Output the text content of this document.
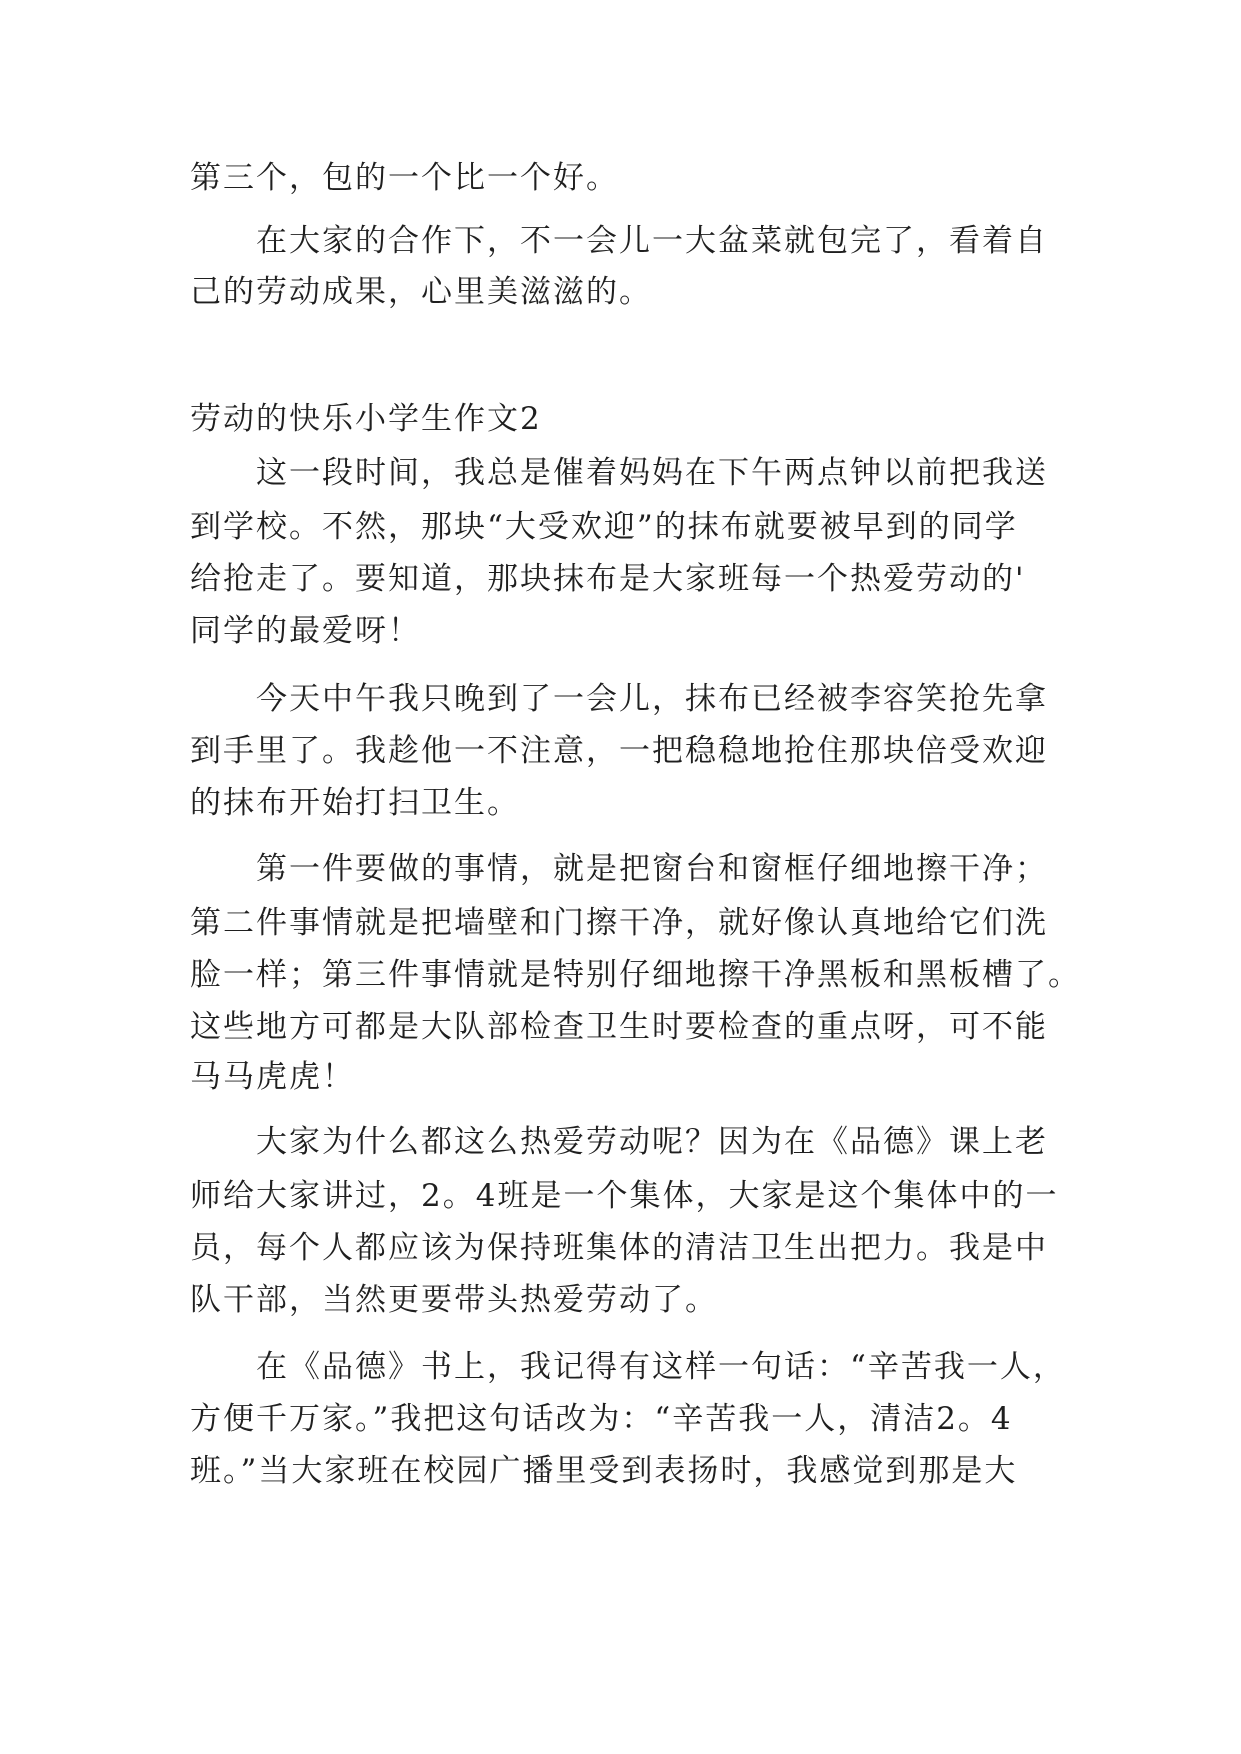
第三个，包的一个比一个好。
在大家的合作下，不一会儿一大盆菜就包完了，看着自
己的劳动成果，心里美滋滋的。
劳动的快乐小学生作文2
这一段时间，我总是催着妈妈在下午两点钟以前把我送
到学校。不然，那块“大受欢迎”的抹布就要被早到的同学
给抢走了。要知道，那块抹布是大家班每一个热爱劳动的'
同学的最爱呀！
今天中午我只晚到了一会儿，抹布已经被李容笑抢先拿
到手里了。我趁他一不注意，一把稳稳地抢住那块倍受欢迎
的抹布开始打扫卫生。
第一件要做的事情，就是把窗台和窗框仔细地擦干净；
第二件事情就是把墙壁和门擦干净，就好像认真地给它们洗
脸一样；第三件事情就是特别仔细地擦干净黑板和黑板槽了。
这些地方可都是大队部检查卫生时要检查的重点呀，可不能
马马虎虎！
大家为什么都这么热爱劳动呢？因为在《品德》课上老
师给大家讲过，2。4班是一个集体，大家是这个集体中的一
员，每个人都应该为保持班集体的清洁卫生出把力。我是中
队干部，当然更要带头热爱劳动了。
在《品德》书上，我记得有这样一句话：“辛苦我一人，
方便千万家。”我把这句话改为：“辛苦我一人，清洁2。4
班。”当大家班在校园广播里受到表扬时，我感觉到那是大
